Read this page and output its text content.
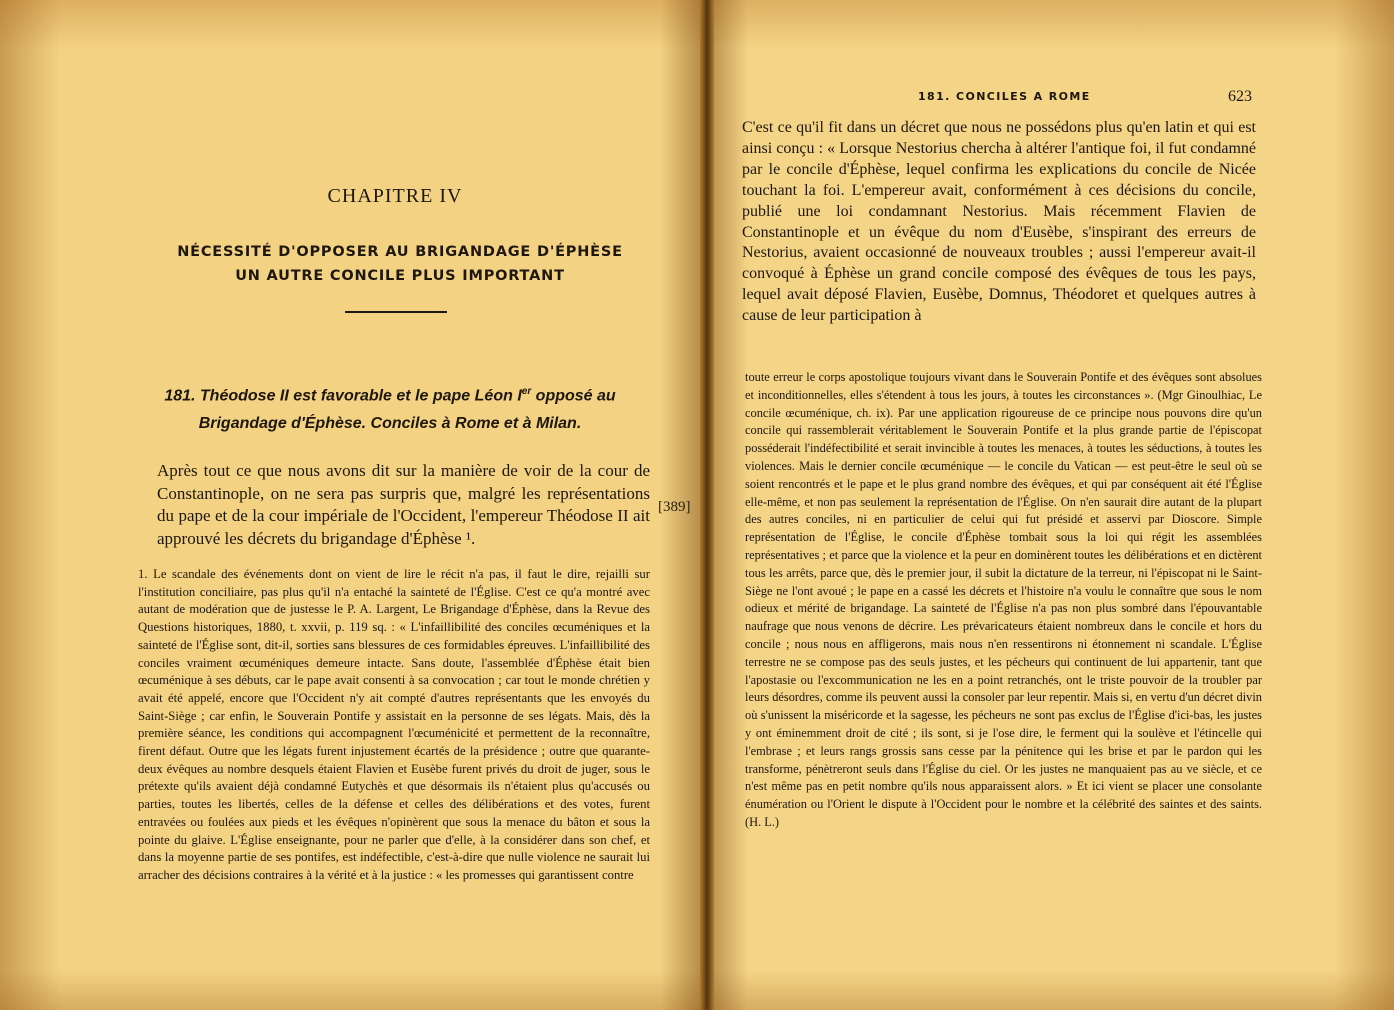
CHAPITRE IV
NÉCESSITÉ D'OPPOSER AU BRIGANDAGE D'ÉPHÈSE
UN AUTRE CONCILE PLUS IMPORTANT
181. Théodose II est favorable et le pape Léon Ier opposé au Brigandage d'Éphèse. Conciles à Rome et à Milan.
Après tout ce que nous avons dit sur la manière de voir de la cour de Constantinople, on ne sera pas surpris que, malgré les représentations du pape et de la cour impériale de l'Occident, l'empereur Théodose II ait approuvé les décrets du brigandage d'Éphèse ¹.
[389]
1. Le scandale des événements dont on vient de lire le récit n'a pas, il faut le dire, rejailli sur l'institution conciliaire, pas plus qu'il n'a entaché la sainteté de l'Église. C'est ce qu'a montré avec autant de modération que de justesse le P. A. Largent, Le Brigandage d'Éphèse, dans la Revue des Questions historiques, 1880, t. xxvii, p. 119 sq. : « L'infaillibilité des conciles œcuméniques et la sainteté de l'Église sont, dit-il, sorties sans blessures de ces formidables épreuves. L'infaillibilité des conciles vraiment œcuméniques demeure intacte. Sans doute, l'assemblée d'Éphèse était bien œcuménique à ses débuts, car le pape avait consenti à sa convocation ; car tout le monde chrétien y avait été appelé, encore que l'Occident n'y ait compté d'autres représentants que les envoyés du Saint-Siège ; car enfin, le Souverain Pontife y assistait en la personne de ses légats. Mais, dès la première séance, les conditions qui accompagnent l'œcuménicité et permettent de la reconnaître, firent défaut. Outre que les légats furent injustement écartés de la présidence ; outre que quarante-deux évêques au nombre desquels étaient Flavien et Eusèbe furent privés du droit de juger, sous le prétexte qu'ils avaient déjà condamné Eutychès et que désormais ils n'étaient plus qu'accusés ou parties, toutes les libertés, celles de la défense et celles des délibérations et des votes, furent entravées ou foulées aux pieds et les évêques n'opinèrent que sous la menace du bâton et sous la pointe du glaive. L'Église enseignante, pour ne parler que d'elle, à la considérer dans son chef, et dans la moyenne partie de ses pontifes, est indéfectible, c'est-à-dire que nulle violence ne saurait lui arracher des décisions contraires à la vérité et à la justice : « les promesses qui garantissent contre
181. CONCILES A ROME	623
C'est ce qu'il fit dans un décret que nous ne possédons plus qu'en latin et qui est ainsi conçu : « Lorsque Nestorius chercha à altérer l'antique foi, il fut condamné par le concile d'Éphèse, lequel confirma les explications du concile de Nicée touchant la foi. L'empereur avait, conformément à ces décisions du concile, publié une loi condamnant Nestorius. Mais récemment Flavien de Constantinople et un évêque du nom d'Eusèbe, s'inspirant des erreurs de Nestorius, avaient occasionné de nouveaux troubles ; aussi l'empereur avait-il convoqué à Éphèse un grand concile composé des évêques de tous les pays, lequel avait déposé Flavien, Eusèbe, Domnus, Théodoret et quelques autres à cause de leur participation à
toute erreur le corps apostolique toujours vivant dans le Souverain Pontife et des évêques sont absolues et inconditionnelles, elles s'étendent à tous les jours, à toutes les circonstances ». (Mgr Ginoulhiac, Le concile œcuménique, ch. ix). Par une application rigoureuse de ce principe nous pouvons dire qu'un concile qui rassemblerait véritablement le Souverain Pontife et la plus grande partie de l'épiscopat posséderait l'indéfectibilité et serait invincible à toutes les menaces, à toutes les séductions, à toutes les violences. Mais le dernier concile œcuménique — le concile du Vatican — est peut-être le seul où se soient rencontrés et le pape et le plus grand nombre des évêques, et qui par conséquent ait été l'Église elle-même, et non pas seulement la représentation de l'Église. On n'en saurait dire autant de la plupart des autres conciles, ni en particulier de celui qui fut présidé et asservi par Dioscore. Simple représentation de l'Église, le concile d'Éphèse tombait sous la loi qui régit les assemblées représentatives ; et parce que la violence et la peur en dominèrent toutes les délibérations et en dictèrent tous les arrêts, parce que, dès le premier jour, il subit la dictature de la terreur, ni l'épiscopat ni le Saint-Siège ne l'ont avoué ; le pape en a cassé les décrets et l'histoire n'a voulu le connaître que sous le nom odieux et mérité de brigandage. La sainteté de l'Église n'a pas non plus sombré dans l'épouvantable naufrage que nous venons de décrire. Les prévaricateurs étaient nombreux dans le concile et hors du concile ; nous nous en affligerons, mais nous n'en ressentirons ni étonnement ni scandale. L'Église terrestre ne se compose pas des seuls justes, et les pécheurs qui continuent de lui appartenir, tant que l'apostasie ou l'excommunication ne les en a point retranchés, ont le triste pouvoir de la troubler par leurs désordres, comme ils peuvent aussi la consoler par leur repentir. Mais si, en vertu d'un décret divin où s'unissent la miséricorde et la sagesse, les pécheurs ne sont pas exclus de l'Église d'ici-bas, les justes y ont éminemment droit de cité ; ils sont, si je l'ose dire, le ferment qui la soulève et l'étincelle qui l'embrase ; et leurs rangs grossis sans cesse par la pénitence qui les brise et par le pardon qui les transforme, pénètreront seuls dans l'Église du ciel. Or les justes ne manquaient pas au ve siècle, et ce n'est même pas en petit nombre qu'ils nous apparaissent alors. » Et ici vient se placer une consolante énumération ou l'Orient le dispute à l'Occident pour le nombre et la célébrité des saintes et des saints. (H. L.)
